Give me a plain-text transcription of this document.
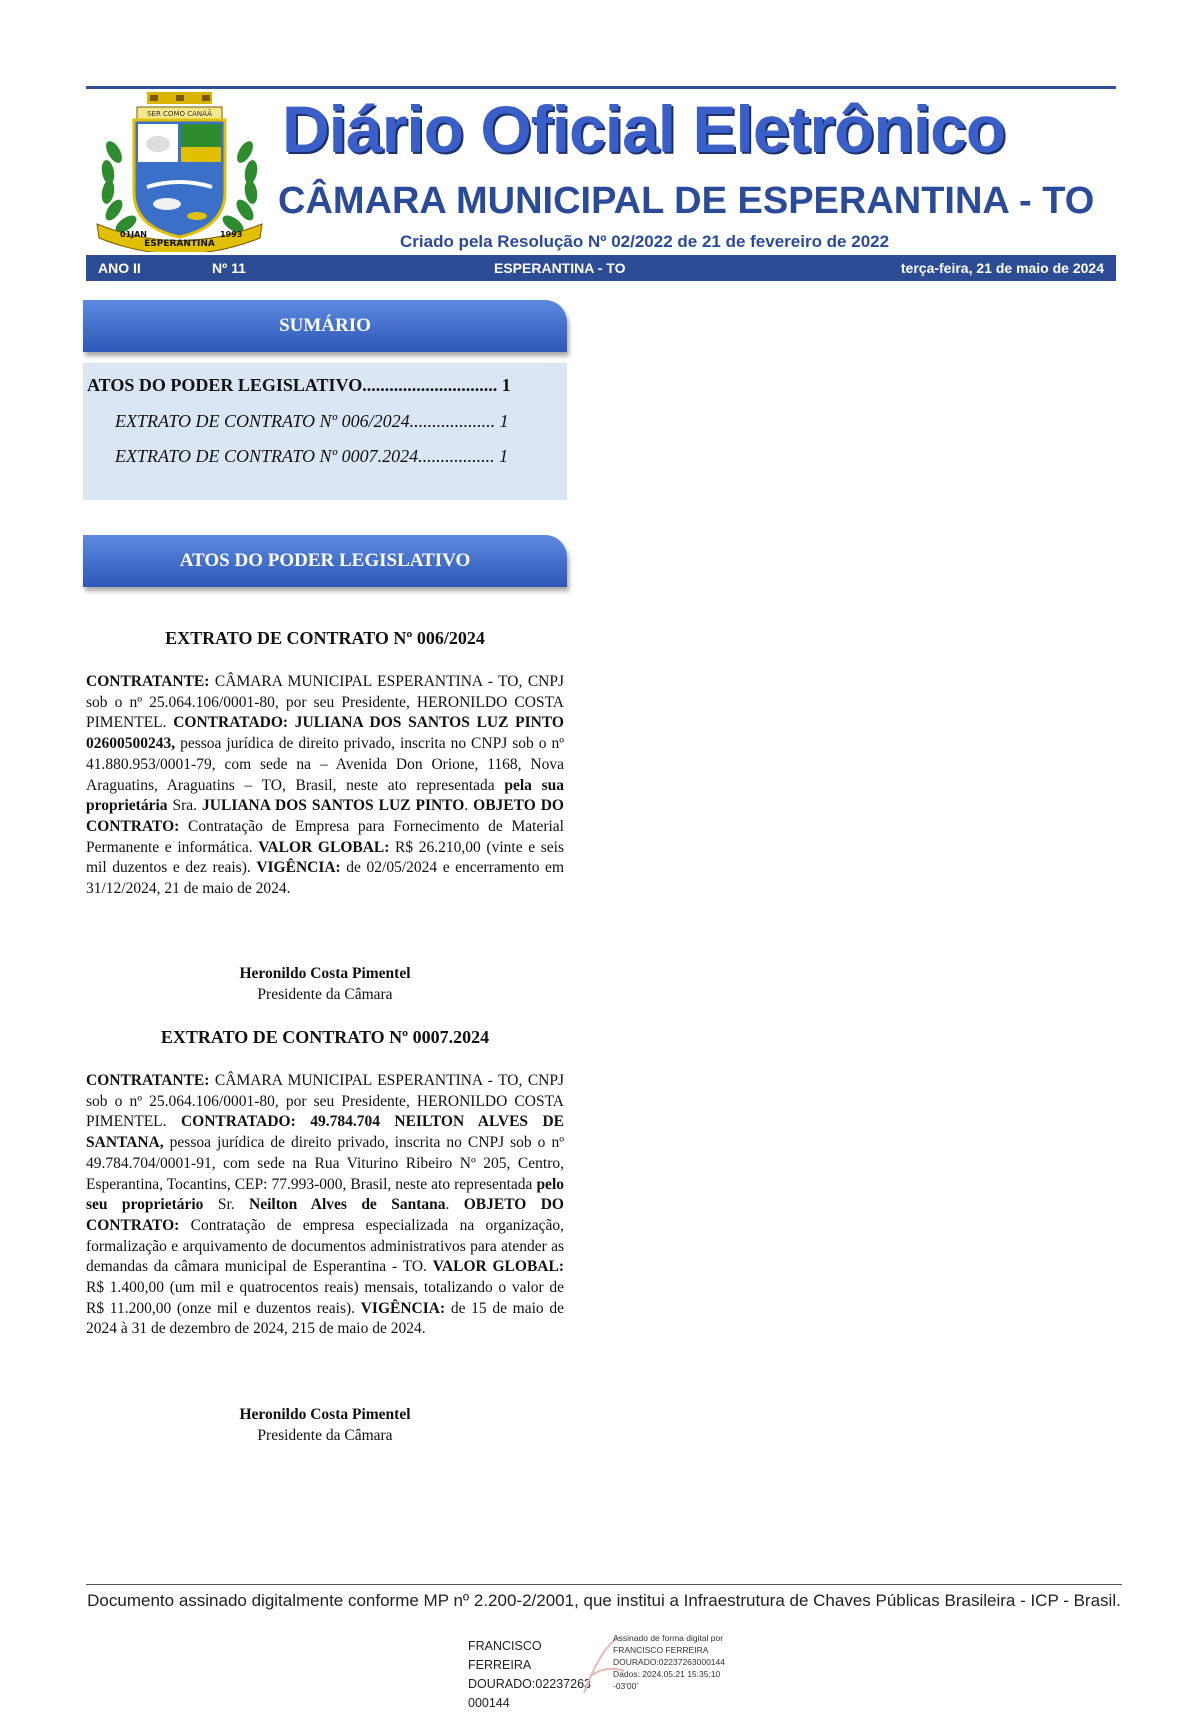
SER COMO CANAÃ
01JAN
ESPERANTINA
1993
Diário Oficial Eletrônico
CÂMARA MUNICIPAL DE ESPERANTINA - TO
Criado pela Resolução Nº 02/2022 de 21 de fevereiro de 2022
ANO II	Nº 11	ESPERANTINA - TO	terça-feira, 21 de maio de 2024
SUMÁRIO
ATOS DO PODER LEGISLATIVO.............................. 1
EXTRATO DE CONTRATO Nº 006/2024................... 1
EXTRATO DE CONTRATO Nº 0007.2024................. 1
ATOS DO PODER LEGISLATIVO
EXTRATO DE CONTRATO Nº 006/2024

CONTRATANTE: CÂMARA MUNICIPAL ESPERANTINA - TO, CNPJ sob o nº 25.064.106/0001-80, por seu Presidente, HERONILDO COSTA PIMENTEL. CONTRATADO: JULIANA DOS SANTOS LUZ PINTO 02600500243, pessoa jurídica de direito privado, inscrita no CNPJ sob o nº 41.880.953/0001-79, com sede na – Avenida Don Orione, 1168, Nova Araguatins, Araguatins – TO, Brasil, neste ato representada pela sua proprietária Sra. JULIANA DOS SANTOS LUZ PINTO. OBJETO DO CONTRATO: Contratação de Empresa para Fornecimento de Material Permanente e informática. VALOR GLOBAL: R$ 26.210,00 (vinte e seis mil duzentos e dez reais). VIGÊNCIA: de 02/05/2024 e encerramento em 31/12/2024, 21 de maio de 2024.

Heronildo Costa Pimentel
Presidente da Câmara
EXTRATO DE CONTRATO Nº 0007.2024

CONTRATANTE: CÂMARA MUNICIPAL ESPERANTINA - TO, CNPJ sob o nº 25.064.106/0001-80, por seu Presidente, HERONILDO COSTA PIMENTEL. CONTRATADO: 49.784.704 NEILTON ALVES DE SANTANA, pessoa jurídica de direito privado, inscrita no CNPJ sob o nº 49.784.704/0001-91, com sede na Rua Viturino Ribeiro Nº 205, Centro, Esperantina, Tocantins, CEP: 77.993-000, Brasil, neste ato representada pelo seu proprietário Sr. Neilton Alves de Santana. OBJETO DO CONTRATO: Contratação de empresa especializada na organização, formalização e arquivamento de documentos administrativos para atender as demandas da câmara municipal de Esperantina - TO. VALOR GLOBAL: R$ 1.400,00 (um mil e quatrocentos reais) mensais, totalizando o valor de R$ 11.200,00 (onze mil e duzentos reais). VIGÊNCIA: de 15 de maio de 2024 à 31 de dezembro de 2024, 215 de maio de 2024.

Heronildo Costa Pimentel
Presidente da Câmara
Documento assinado digitalmente conforme MP nº 2.200-2/2001, que institui a Infraestrutura de Chaves Públicas Brasileira - ICP - Brasil.
FRANCISCO FERREIRA
DOURADO:02237263
000144
Assinado de forma digital por
FRANCISCO FERREIRA
DOURADO:02237263000144
Dados: 2024.05.21 15:35:10
-03'00'
